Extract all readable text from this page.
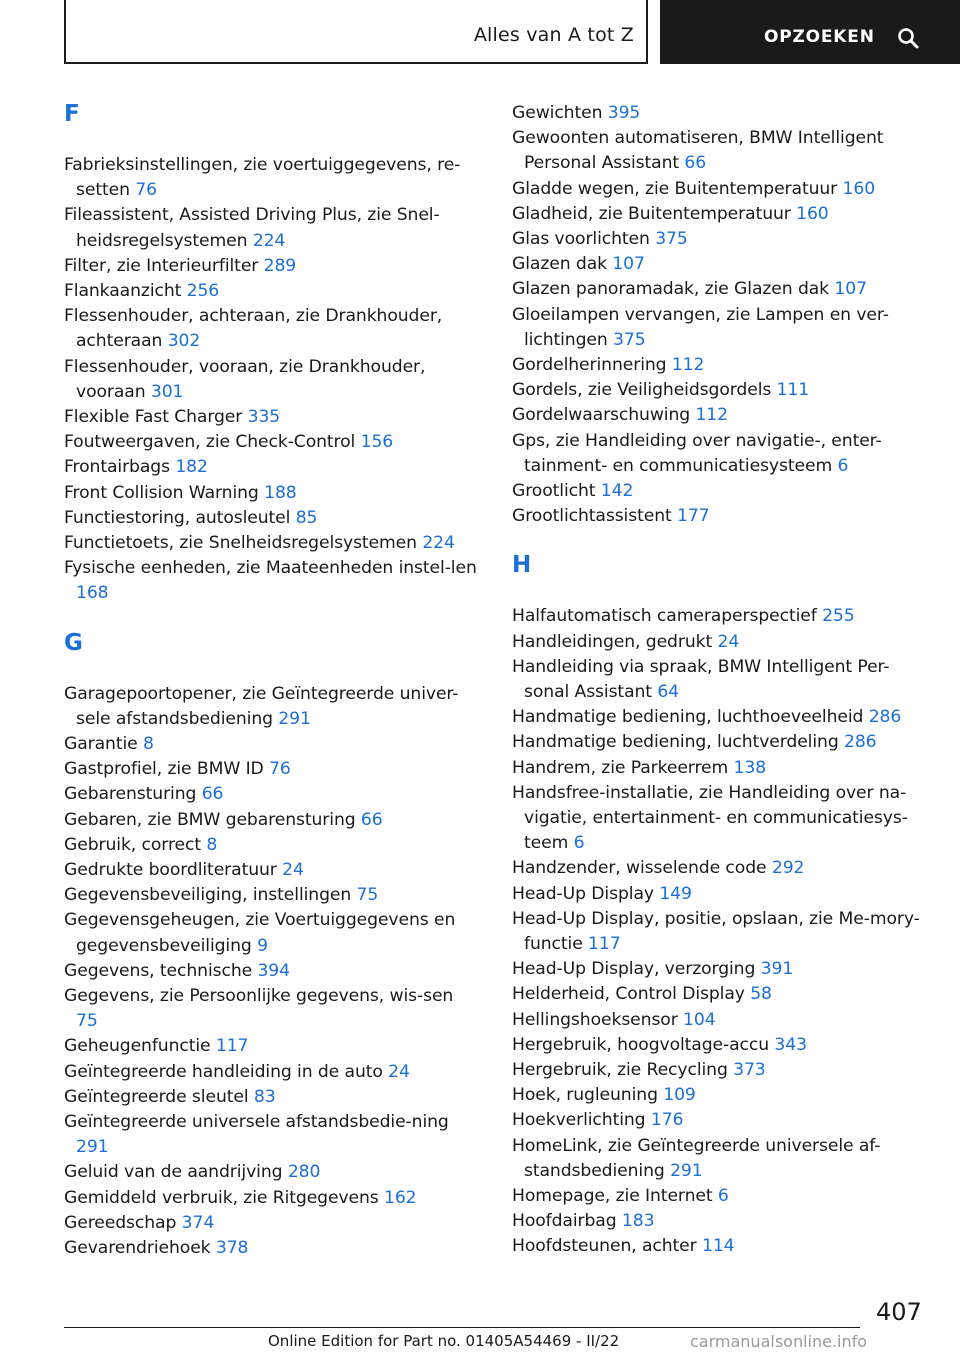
Alles van A tot Z	OPZOEKEN
F
Fabrieksinstellingen, zie voertuiggegevens, re-setten 76
Fileassistent, Assisted Driving Plus, zie Snel-heidsregelsystemen 224
Filter, zie Interieurfilter 289
Flankaanzicht 256
Flessenhouder, achteraan, zie Drankhouder, achteraan 302
Flessenhouder, vooraan, zie Drankhouder, vooraan 301
Flexible Fast Charger 335
Foutweergaven, zie Check-Control 156
Frontairbags 182
Front Collision Warning 188
Functiestoring, autosleutel 85
Functietoets, zie Snelheidsregelsystemen 224
Fysische eenheden, zie Maateenheden instel-len 168
G
Garagepoortopener, zie Geïntegreerde univer-sele afstandsbediening 291
Garantie 8
Gastprofiel, zie BMW ID 76
Gebarensturing 66
Gebaren, zie BMW gebarensturing 66
Gebruik, correct 8
Gedrukte boordliteratuur 24
Gegevensbeveiliging, instellingen 75
Gegevensgeheugen, zie Voertuiggegevens en gegevensbeveiliging 9
Gegevens, technische 394
Gegevens, zie Persoonlijke gegevens, wis-sen 75
Geheugenfunctie 117
Geïntegreerde handleiding in de auto 24
Geïntegreerde sleutel 83
Geïntegreerde universele afstandsbedie-ning 291
Geluid van de aandrijving 280
Gemiddeld verbruik, zie Ritgegevens 162
Gereedschap 374
Gevarendriehoek 378
Gewichten 395
Gewoonten automatiseren, BMW Intelligent Personal Assistant 66
Gladde wegen, zie Buitentemperatuur 160
Gladheid, zie Buitentemperatuur 160
Glas voorlichten 375
Glazen dak 107
Glazen panoramadak, zie Glazen dak 107
Gloeilampen vervangen, zie Lampen en ver-lichtingen 375
Gordelherinnering 112
Gordels, zie Veiligheidsgordels 111
Gordelwaarschuwing 112
Gps, zie Handleiding over navigatie-, enter-tainment- en communicatiesysteem 6
Grootlicht 142
Grootlichtassistent 177
H
Halfautomatisch cameraperspectief 255
Handleidingen, gedrukt 24
Handleiding via spraak, BMW Intelligent Per-sonal Assistant 64
Handmatige bediening, luchthoeveelheid 286
Handmatige bediening, luchtverdeling 286
Handrem, zie Parkeerrem 138
Handsfree-installatie, zie Handleiding over na-vigatie, entertainment- en communicatiesys-teem 6
Handzender, wisselende code 292
Head-Up Display 149
Head-Up Display, positie, opslaan, zie Me-mory-functie 117
Head-Up Display, verzorging 391
Helderheid, Control Display 58
Hellingshoeksensor 104
Hergebruik, hoogvoltage-accu 343
Hergebruik, zie Recycling 373
Hoek, rugleuning 109
Hoekverlichting 176
HomeLink, zie Geïntegreerde universele af-standsbediening 291
Homepage, zie Internet 6
Hoofdairbag 183
Hoofdsteunen, achter 114
407
Online Edition for Part no. 01405A54469 - II/22	carmanualsonline.info
